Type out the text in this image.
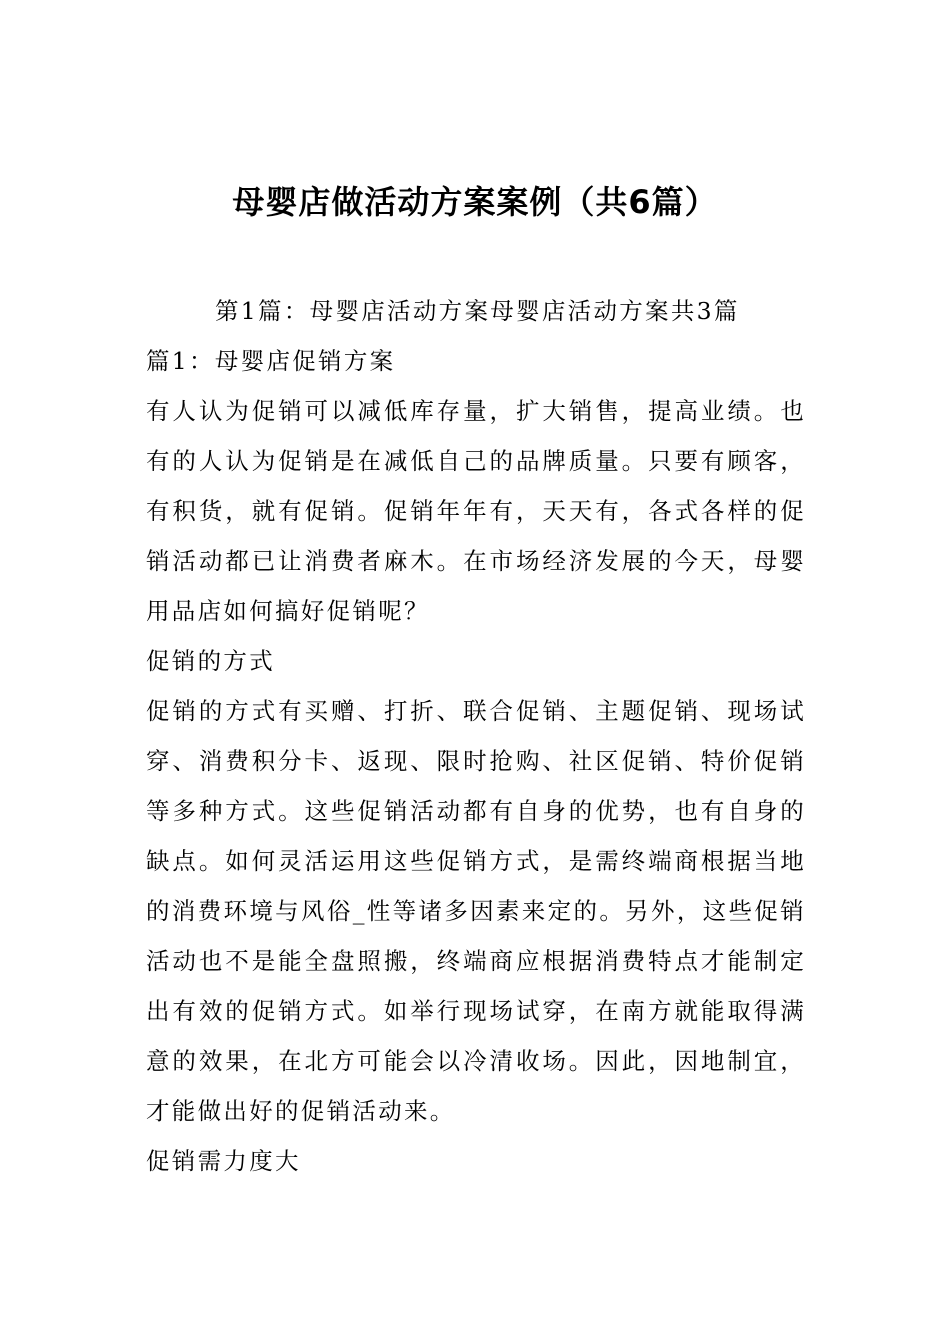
母婴店做活动方案案例（共6篇）

第1篇：母婴店活动方案母婴店活动方案共3篇

篇1：母婴店促销方案

有人认为促销可以减低库存量，扩大销售，提高业绩。也有的人认为促销是在减低自己的品牌质量。只要有顾客，有积货，就有促销。促销年年有，天天有，各式各样的促销活动都已让消费者麻木。在市场经济发展的今天，母婴用品店如何搞好促销呢？

促销的方式

促销的方式有买赠、打折、联合促销、主题促销、现场试穿、消费积分卡、返现、限时抢购、社区促销、特价促销等多种方式。这些促销活动都有自身的优势，也有自身的缺点。如何灵活运用这些促销方式，是需终端商根据当地的消费环境与风俗_性等诸多因素来定的。另外，这些促销活动也不是能全盘照搬，终端商应根据消费特点才能制定出有效的促销方式。如举行现场试穿，在南方就能取得满意的效果，在北方可能会以冷清收场。因此，因地制宜，才能做出好的促销活动来。

促销需力度大
